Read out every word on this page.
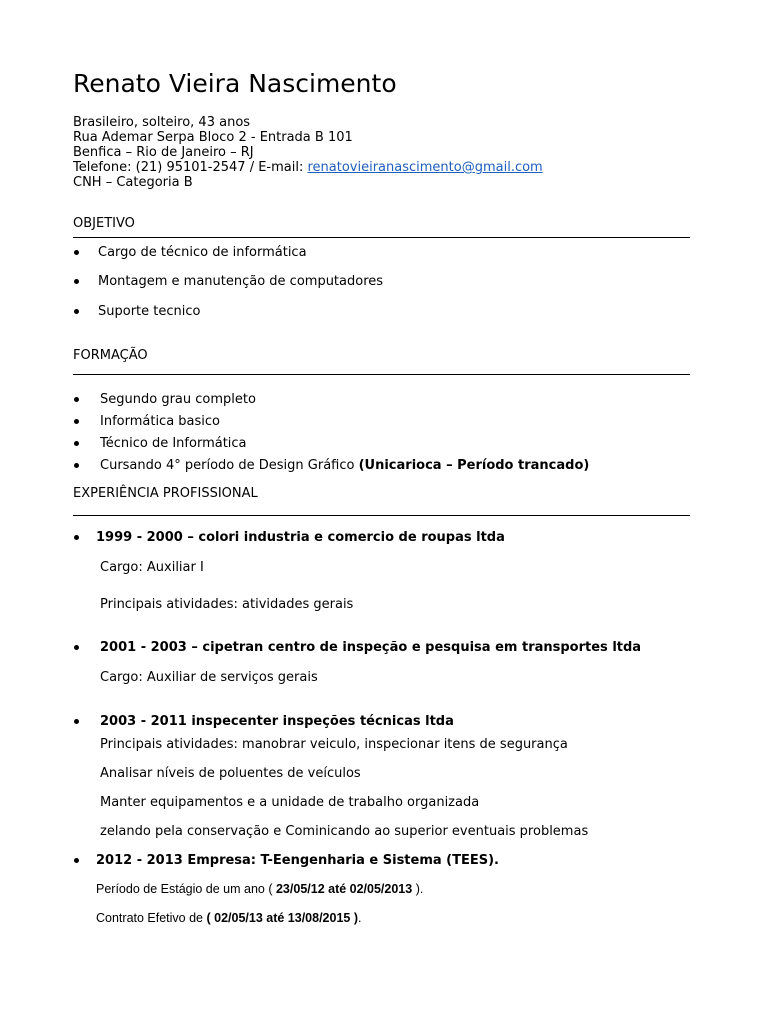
Renato Vieira Nascimento
Brasileiro, solteiro, 43 anos
Rua Ademar Serpa Bloco 2 - Entrada B 101
Benfica – Rio de Janeiro – RJ
Telefone: (21) 95101-2547 / E-mail: renatovieiranascimento@gmail.com
CNH – Categoria B
OBJETIVO
Cargo de técnico de informática
Montagem e manutenção de computadores
Suporte tecnico
FORMAÇÃO
Segundo grau completo
Informática basico
Técnico de Informática
Cursando 4° período de Design Gráfico (Unicarioca – Período trancado)
EXPERIÊNCIA PROFISSIONAL
1999 - 2000 – colori industria e comercio de roupas ltda
Cargo: Auxiliar I
Principais atividades: atividades gerais
2001 - 2003 – cipetran centro de inspeção e pesquisa em transportes ltda
Cargo: Auxiliar de serviços gerais
2003 - 2011 inspecenter inspeções técnicas ltda
Principais atividades: manobrar veiculo, inspecionar itens de segurança
Analisar níveis de poluentes de veículos
Manter equipamentos e a unidade de trabalho organizada
zelando pela conservação e Cominicando ao superior eventuais problemas
2012 - 2013 Empresa: T-Eengenharia e Sistema (TEES).
Período de Estágio de um ano ( 23/05/12 até 02/05/2013 ).
Contrato Efetivo de ( 02/05/13 até 13/08/2015 ).
